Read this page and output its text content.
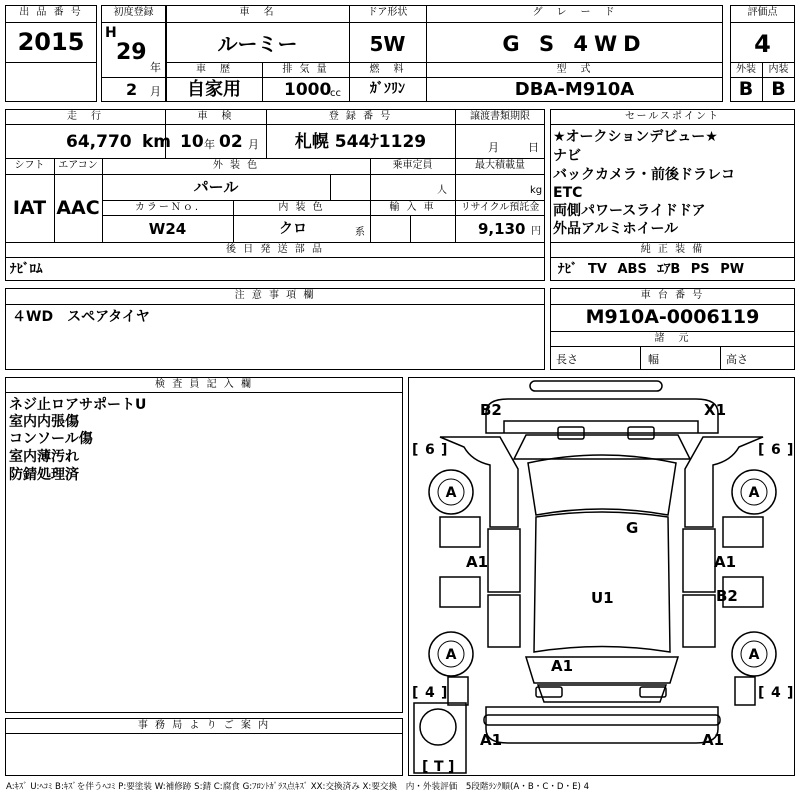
出 品 番 号
2015
初度登録
H
29
年
2 月
車　名
ルーミー
ドア形状
5W
グ　レ　ー　ド
G S 4WD
車　歴
自家用
排 気 量
1000
cc
燃　料
ｶﾞｿﾘﾝ
型　式
DBA-M910A
評価点
4
外装	内装
B B
走　行
64,770 km
車　検
10 年 02 月
登 録 番 号
札幌 544ﾅ1129
譲渡書類期限
月	日
シフト
IAT
エアコン
AAC
外 装 色
パール
乗車定員
人
最大積載量
kg
カラーＮｏ.
W24
内 装 色
クロ	系
輸 入 車	リサイクル預託金
9,130 円
後 日 発 送 部 品
ﾅﾋﾞﾛﾑ
セールスポイント
★オークションデビュー★
ナビ
バックカメラ・前後ドラレコ
ETC
両側パワースライドドア
外品アルミホイール
純 正 装 備
ﾅﾋﾞ TV ABS ｴｱB PS PW
注 意 事 項 欄
４WD　スペアタイヤ
車 台 番 号
M910A-0006119
諸　元
長さ	幅	高さ
検 査 員 記 入 欄
ネジ止ロアサポートU
室内内張傷
コンソール傷
室内薄汚れ
防錆処理済
事 務 局 よ り ご 案 内
B2	X1
G
A1	A1
U1	B2
A1
A1	A1
A	A
A	A
[ 6 ]	[ 6 ]
[ 4 ]	[ 4 ]
[ T ]
A:ｷｽﾞ U:ﾍｺﾐ B:ｷｽﾞを伴うﾍｺﾐ P:要塗装 W:補修跡 S:錆 C:腐食 G:ﾌﾛﾝﾄｶﾞﾗｽ点ｷｽﾞ XX:交換済み X:要交換　内・外装評価　5段階ﾗﾝｸ順(A・B・C・D・E) 4
